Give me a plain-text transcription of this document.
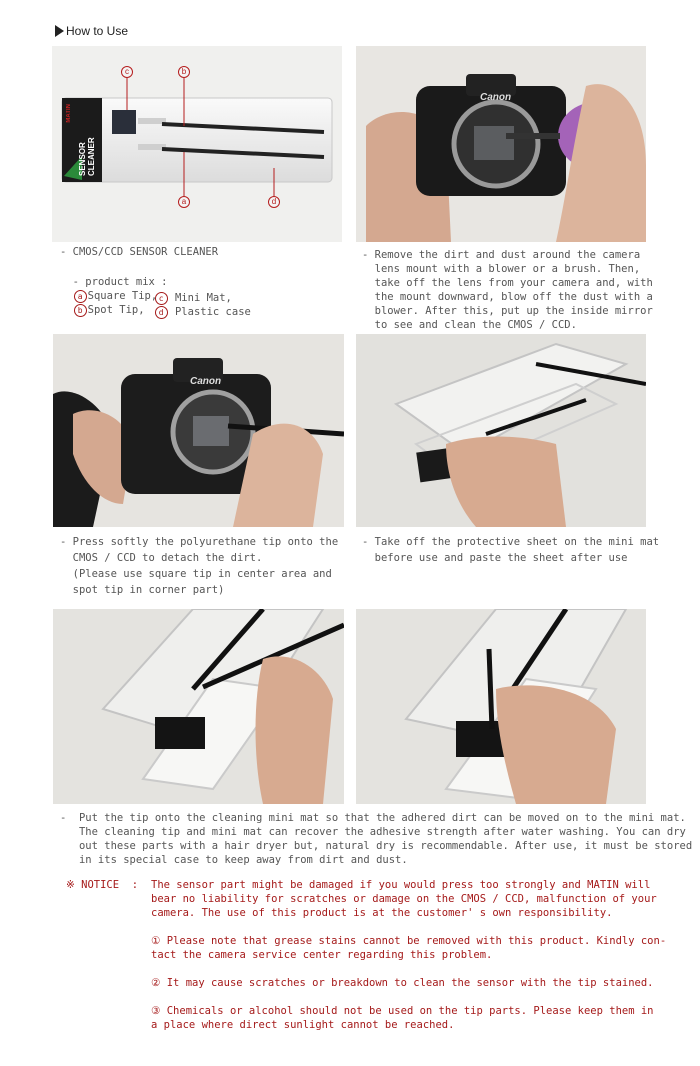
How to Use
SENSOR CLEANER
MATIN
c	b
a	d
Canon
- CMOS/CCD SENSOR CLEANER

- product mix :
a Square Tip,
b Spot Tip,

c Mini Mat,
d Plastic case

- Remove the dirt and dust around the camera
lens mount with a blower or a brush. Then,
take off the lens from your camera and, with
the mount downward, blow off the dust with a
blower. After this, put up the inside mirror
to see and clean the CMOS / CCD.
Canon
- Press softly the polyurethane tip onto the
CMOS / CCD to detach the dirt.
(Please use square tip in center area and
spot tip in corner part)
- Take off the protective sheet on the mini mat
before use and paste the sheet after use
-  Put the tip onto the cleaning mini mat so that the adhered dirt can be moved on to the mini mat.
The cleaning tip and mini mat can recover the adhesive strength after water washing. You can dry
out these parts with a hair dryer but, natural dry is recommendable. After use, it must be stored
in its special case to keep away from dirt and dust.
※ NOTICE  : The sensor part might be damaged if you would press too strongly and MATIN will
bear no liability for scratches or damage on the CMOS / CCD, malfunction of your
camera. The use of this product is at the customer' s own responsibility.
① Please note that grease stains cannot be removed with this product. Kindly con-
tact the camera service center regarding this problem.
② It may cause scratches or breakdown to clean the sensor with the tip stained.
③ Chemicals or alcohol should not be used on the tip parts. Please keep them in
a place where direct sunlight cannot be reached.
